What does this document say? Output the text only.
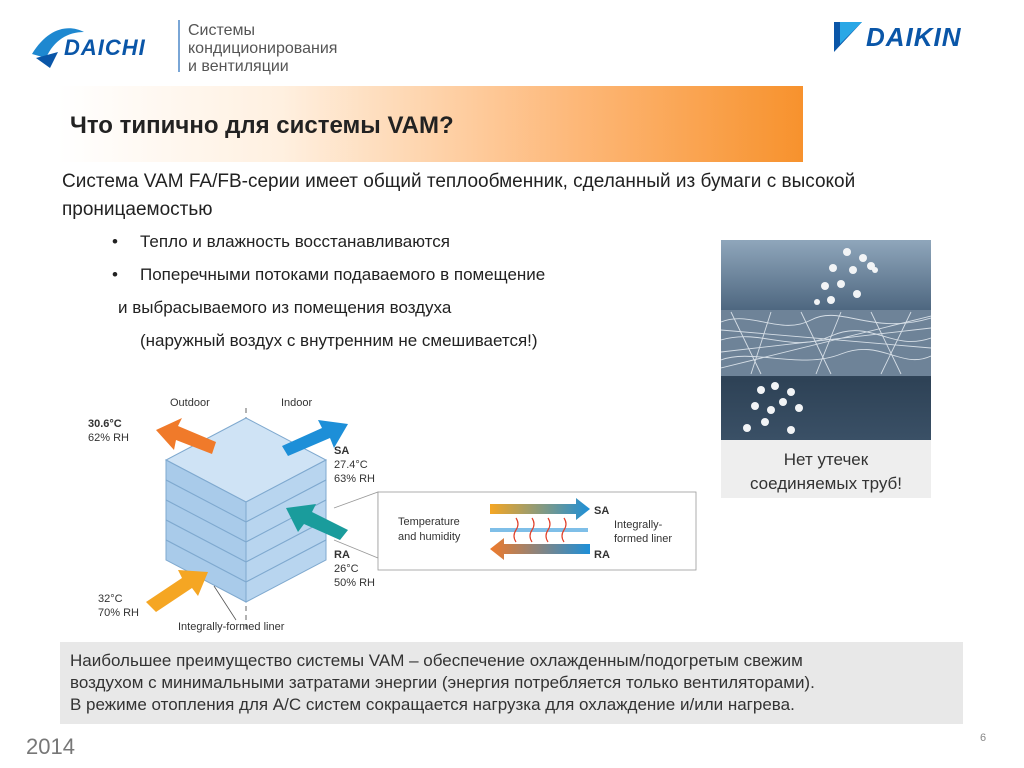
DAICHI
Системы
кондиционирования
и вентиляции
DAIKIN
Что типично для системы VAM?
Система VAM FA/FB-серии имеет общий теплообменник, сделанный из бумаги с высокой проницаемостью
• Тепло и влажность восстанавливаются
• Поперечными потоками подаваемого в помещение
и выбрасываемого из помещения воздуха
(наружный воздух с внутренним не смешивается!)
Outdoor	Indoor
30.6°C
62% RH
32°C
70% RH
SA
27.4°C
63% RH
RA
26°C
50% RH
Integrally-formed liner
Temperature
and humidity
SA
RA
Integrally-
formed liner
Нет утечек
соединяемых труб!
Наибольшее преимущество системы VAM – обеспечение охлажденным/подогретым свежим
воздухом с минимальными затратами энергии (энергия потребляется только вентиляторами).
В режиме отопления для А/С систем сокращается нагрузка для охлаждение и/или нагрева.
2014	6
